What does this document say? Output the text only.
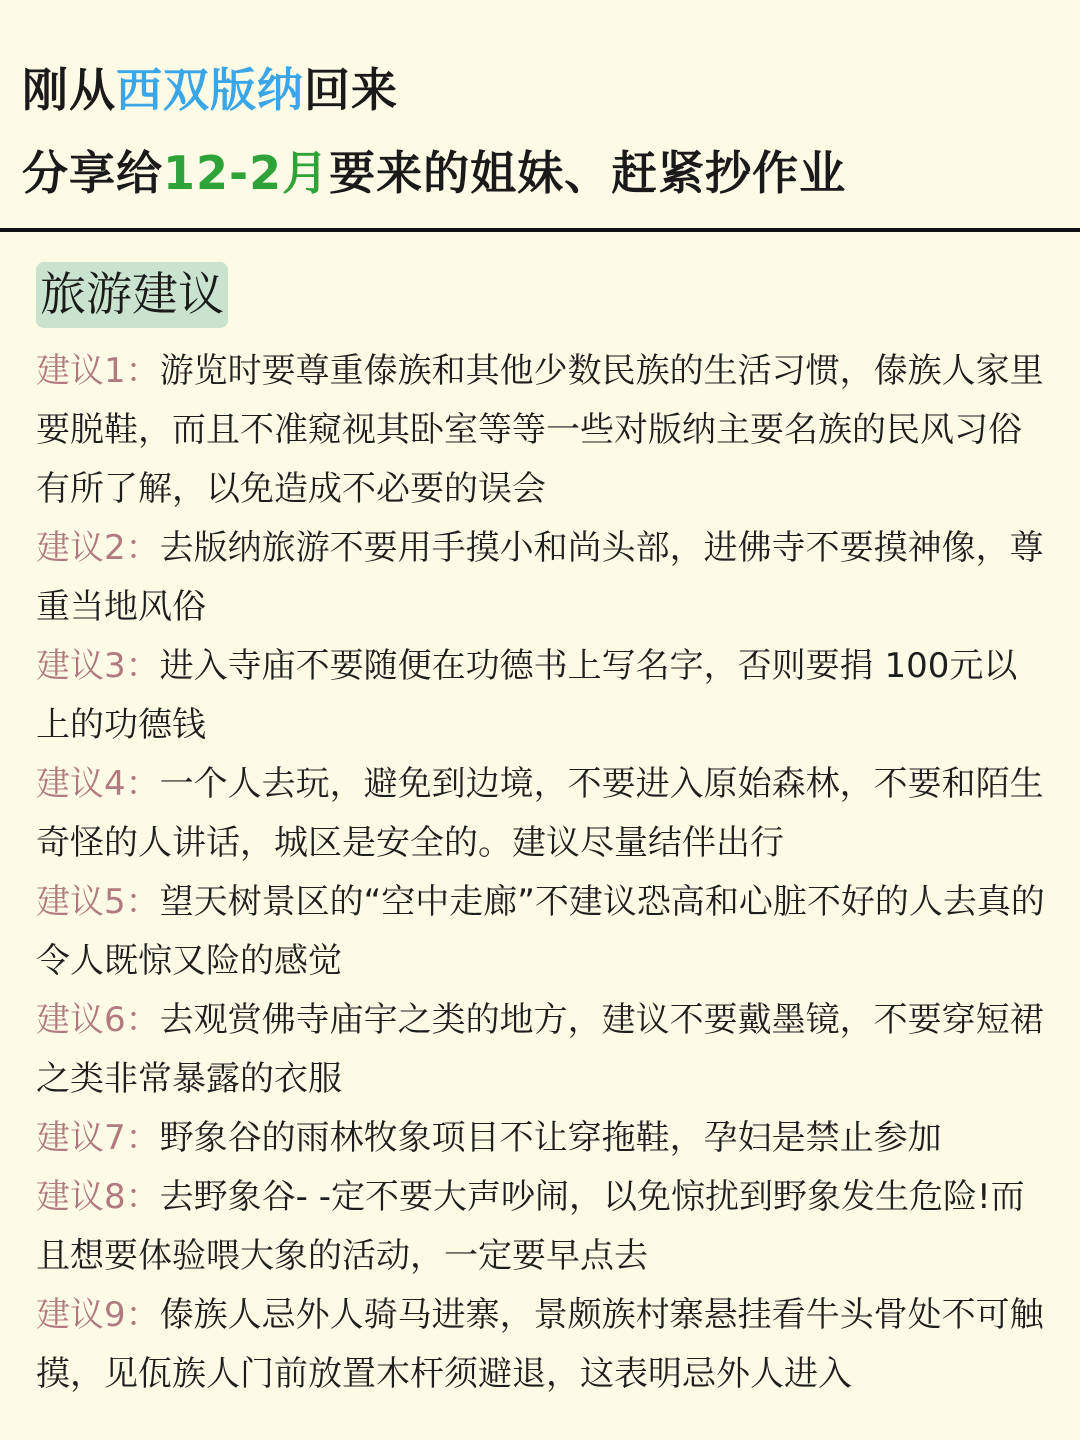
刚从西双版纳回来
分享给12-2月要来的姐妹、赶紧抄作业
旅游建议
建议1：游览时要尊重傣族和其他少数民族的生活习惯，傣族人家里要脱鞋，而且不准窥视其卧室等等一些对版纳主要名族的民风习俗有所了解，以免造成不必要的误会
建议2：去版纳旅游不要用手摸小和尚头部，进佛寺不要摸神像，尊重当地风俗
建议3：进入寺庙不要随便在功德书上写名字，否则要捐 100元以上的功德钱
建议4：一个人去玩，避免到边境，不要进入原始森林，不要和陌生奇怪的人讲话，城区是安全的。建议尽量结伴出行
建议5：望天树景区的“空中走廊”不建议恐高和心脏不好的人去真的令人既惊又险的感觉
建议6：去观赏佛寺庙宇之类的地方，建议不要戴墨镜，不要穿短裙之类非常暴露的衣服
建议7：野象谷的雨林牧象项目不让穿拖鞋，孕妇是禁止参加
建议8：去野象谷- -定不要大声吵闹，以免惊扰到野象发生危险!而且想要体验喂大象的活动，一定要早点去
建议9：傣族人忌外人骑马进寨，景颇族村寨悬挂看牛头骨处不可触摸，见佤族人门前放置木杆须避退，这表明忌外人进入
